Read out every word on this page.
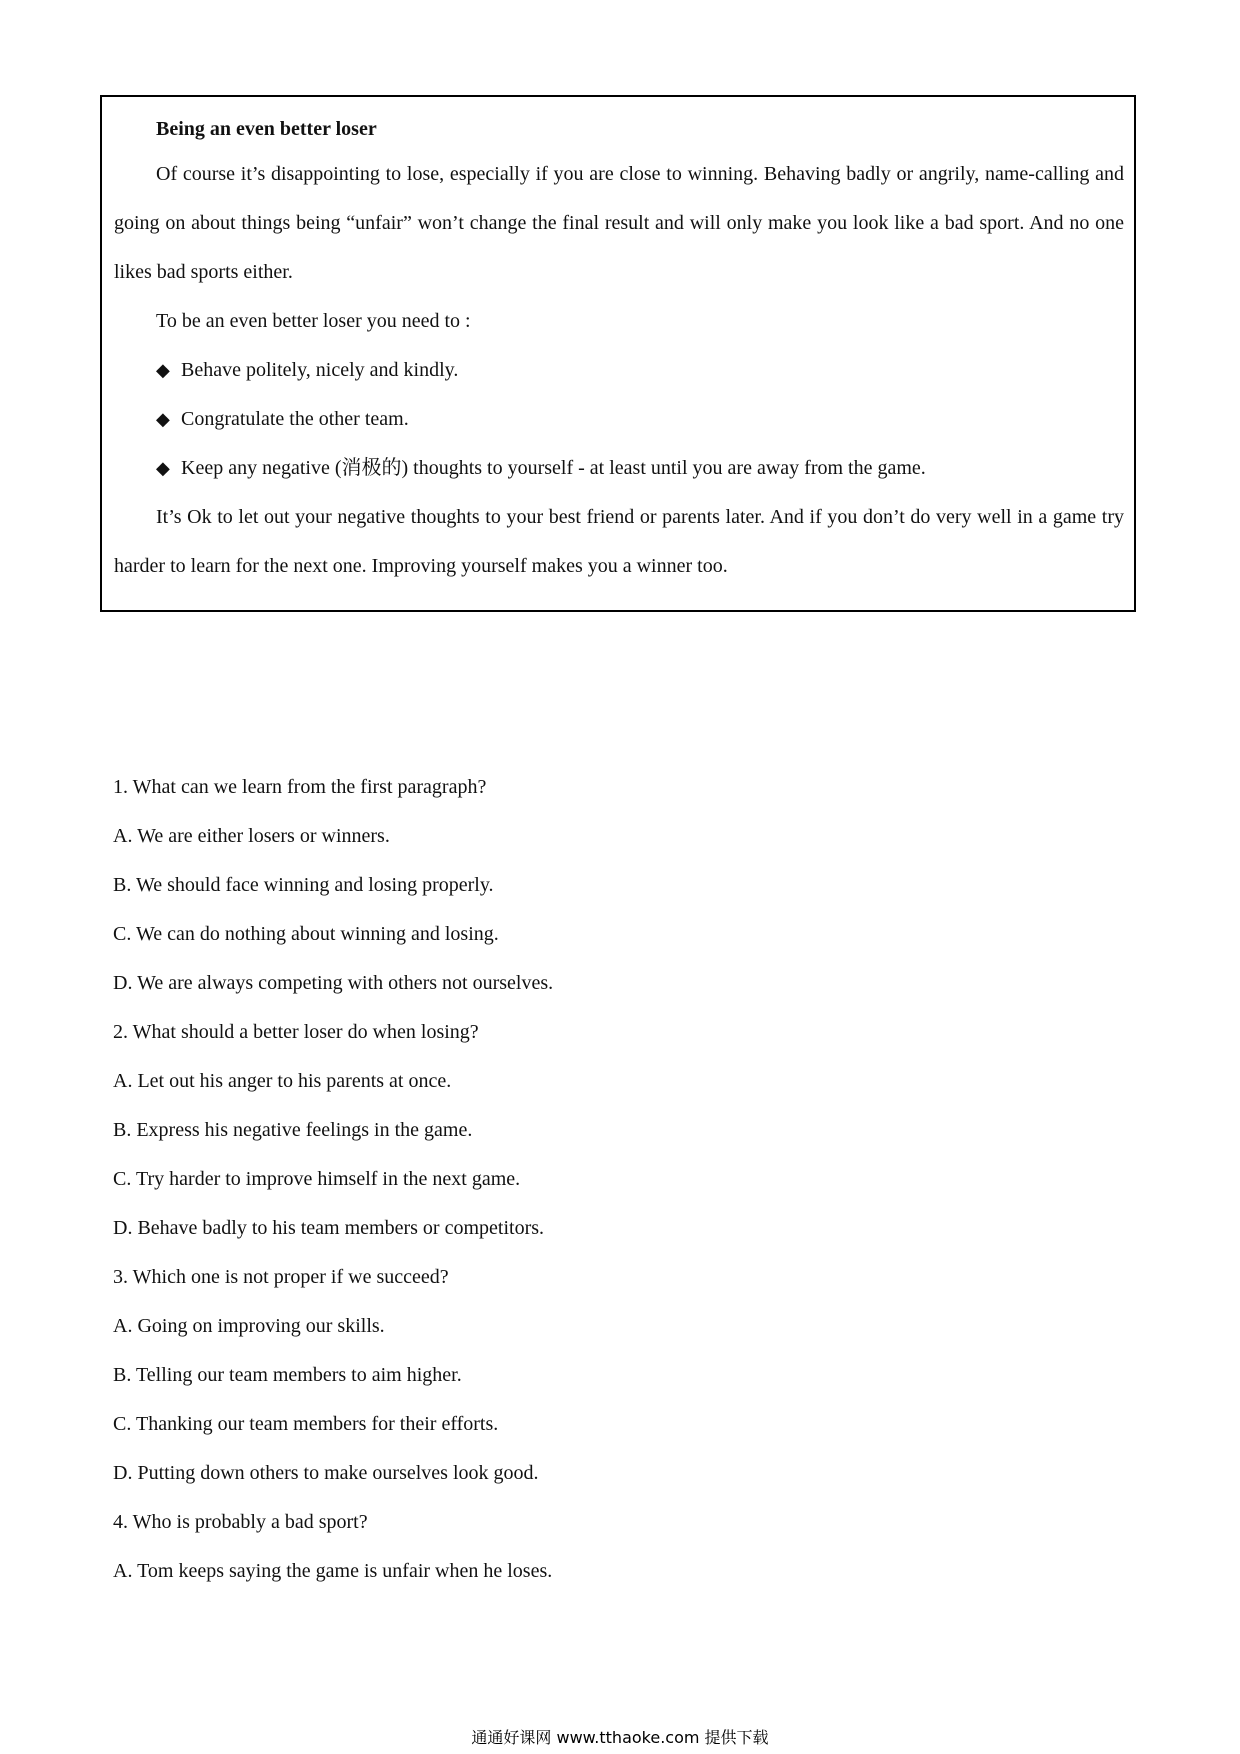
Being an even better loser

Of course it’s disappointing to lose, especially if you are close to winning. Behaving badly or angrily, name-calling and going on about things being “unfair” won’t change the final result and will only make you look like a bad sport. And no one likes bad sports either.

To be an even better loser you need to :

◆ Behave politely, nicely and kindly.
◆ Congratulate the other team.
◆ Keep any negative (消极的) thoughts to yourself - at least until you are away from the game.

It’s Ok to let out your negative thoughts to your best friend or parents later. And if you don’t do very well in a game try harder to learn for the next one. Improving yourself makes you a winner too.

1. What can we learn from the first paragraph?
A. We are either losers or winners.
B. We should face winning and losing properly.
C. We can do nothing about winning and losing.
D. We are always competing with others not ourselves.
2. What should a better loser do when losing?
A. Let out his anger to his parents at once.
B. Express his negative feelings in the game.
C. Try harder to improve himself in the next game.
D. Behave badly to his team members or competitors.
3. Which one is not proper if we succeed?
A. Going on improving our skills.
B. Telling our team members to aim higher.
C. Thanking our team members for their efforts.
D. Putting down others to make ourselves look good.
4. Who is probably a bad sport?
A. Tom keeps saying the game is unfair when he loses.
通通好课网 www.tthaoke.com 提供下载
